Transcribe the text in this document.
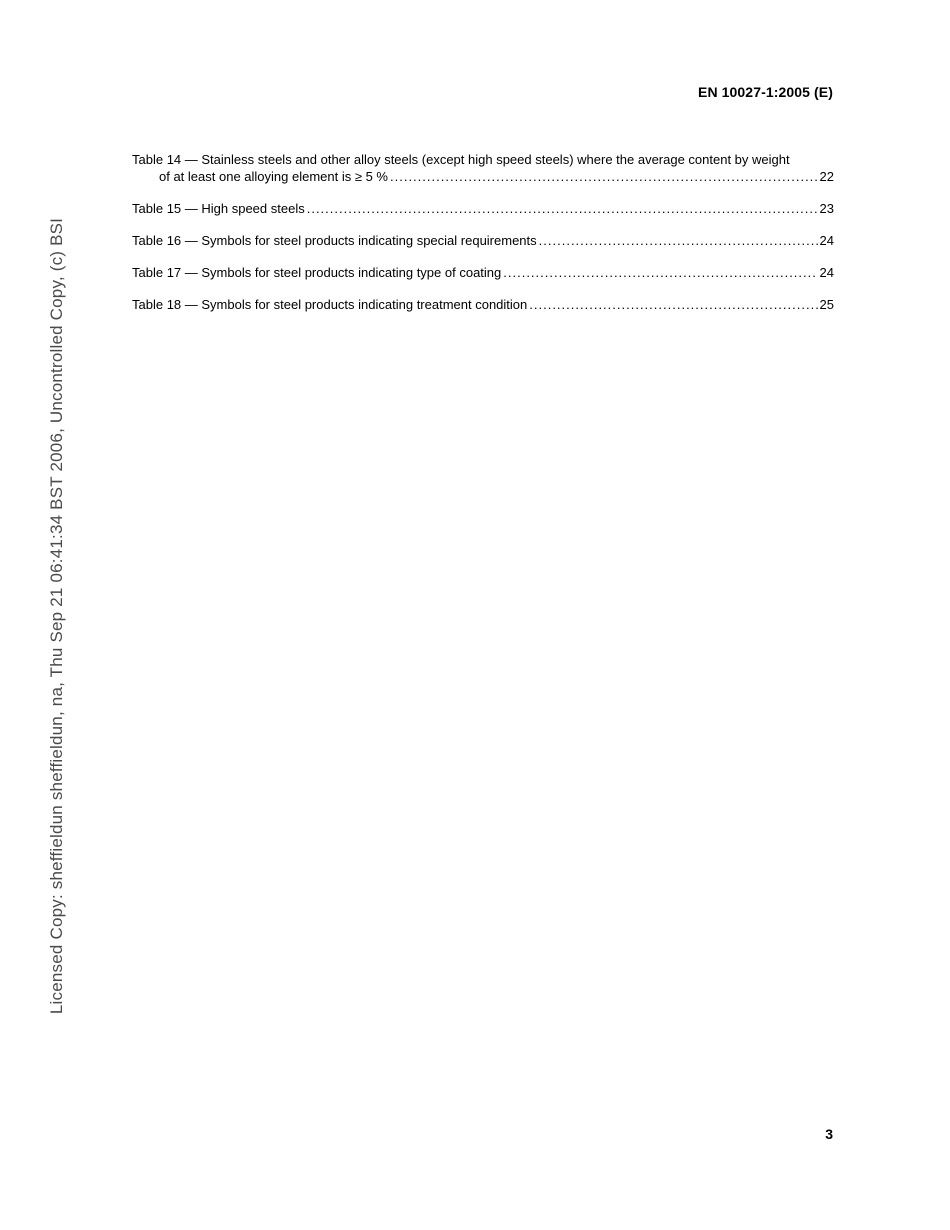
EN 10027-1:2005 (E)
Table 14 — Stainless steels and other alloy steels (except high speed steels) where the average content by weight
of at least one alloying element is ≥ 5 % .....	22
Table 15 — High speed steels .....	23
Table 16 — Symbols for steel products indicating special requirements .....	24
Table 17 — Symbols for steel products indicating type of coating .....	24
Table 18 — Symbols for steel products indicating treatment condition .....	25
Licensed Copy: sheffieldun sheffieldun, na, Thu Sep 21 06:41:34 BST 2006, Uncontrolled Copy, (c) BSI
3
